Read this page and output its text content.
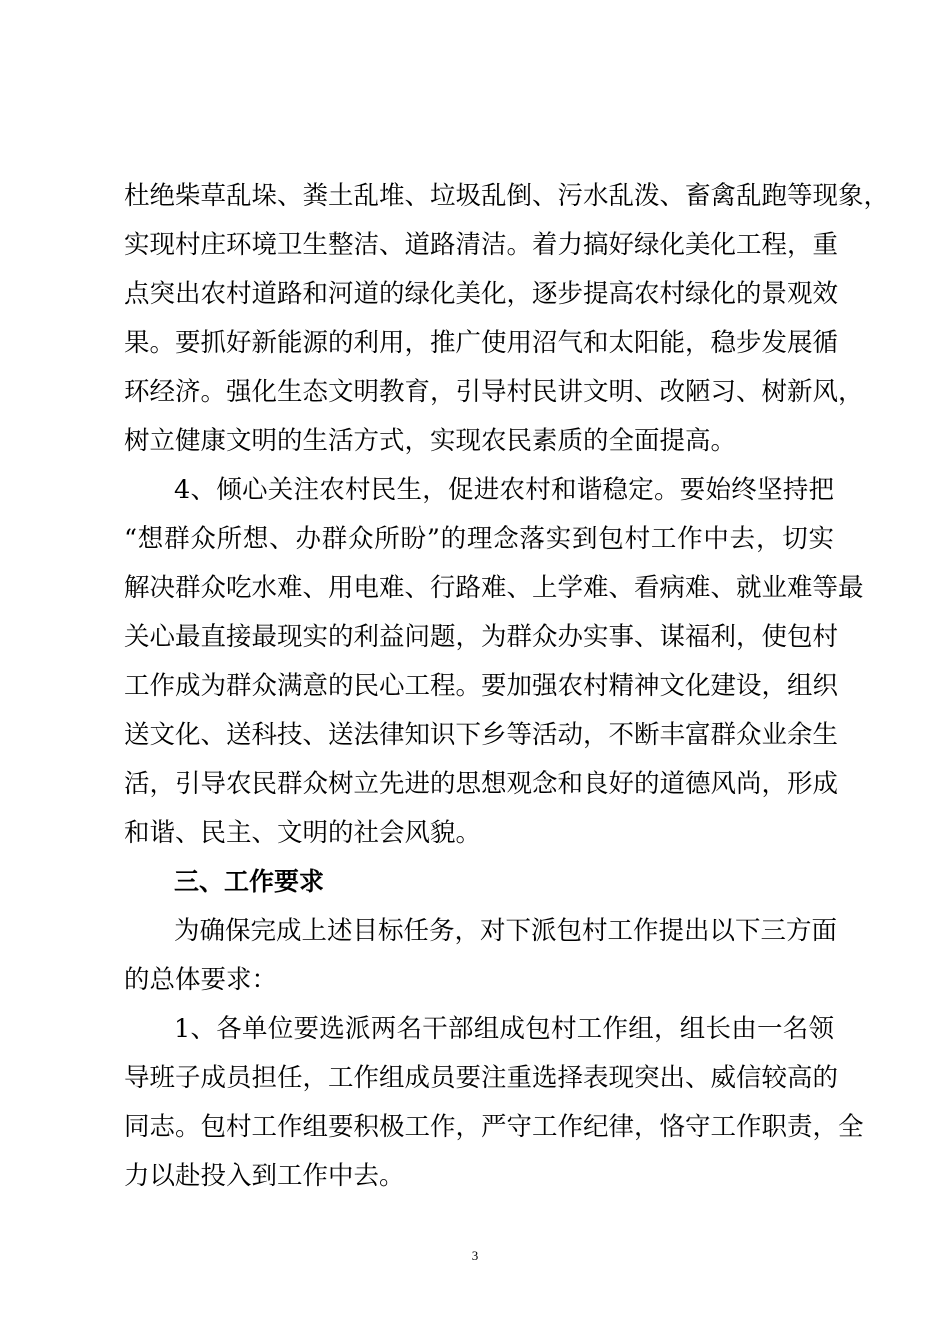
杜绝柴草乱垛、粪土乱堆、垃圾乱倒、污水乱泼、畜禽乱跑等现象，
实现村庄环境卫生整洁、道路清洁。着力搞好绿化美化工程，重
点突出农村道路和河道的绿化美化，逐步提高农村绿化的景观效
果。要抓好新能源的利用，推广使用沼气和太阳能，稳步发展循
环经济。强化生态文明教育，引导村民讲文明、改陋习、树新风，
树立健康文明的生活方式，实现农民素质的全面提高。
4、倾心关注农村民生，促进农村和谐稳定。要始终坚持把
“想群众所想、办群众所盼”的理念落实到包村工作中去，切实
解决群众吃水难、用电难、行路难、上学难、看病难、就业难等最
关心最直接最现实的利益问题，为群众办实事、谋福利，使包村
工作成为群众满意的民心工程。要加强农村精神文化建设，组织
送文化、送科技、送法律知识下乡等活动，不断丰富群众业余生
活，引导农民群众树立先进的思想观念和良好的道德风尚，形成
和谐、民主、文明的社会风貌。
三、工作要求
为确保完成上述目标任务，对下派包村工作提出以下三方面
的总体要求：
1、各单位要选派两名干部组成包村工作组，组长由一名领
导班子成员担任，工作组成员要注重选择表现突出、威信较高的
同志。包村工作组要积极工作，严守工作纪律，恪守工作职责，全
力以赴投入到工作中去。
3
